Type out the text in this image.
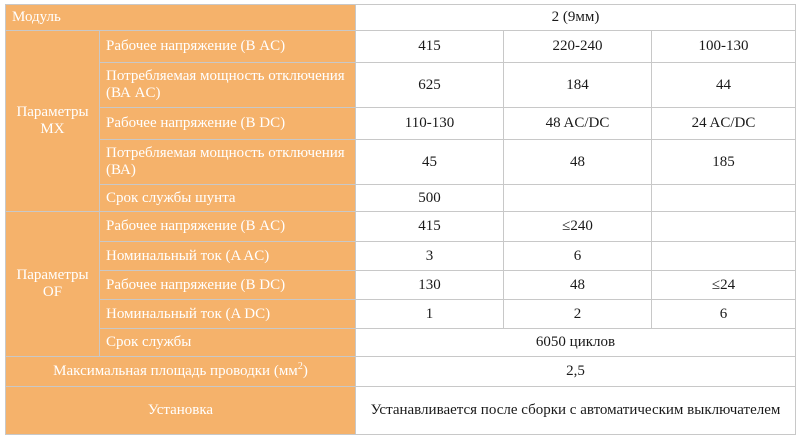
Модуль		2 (9мм)		
Параметры MX	Рабочее напряжение (В AC)	415	220-240	100-130
	Потребляемая мощность отключения (ВА AC)	625	184	44
	Рабочее напряжение (В DC)	110-130	48 AC/DC	24 AC/DC
	Потребляемая мощность отключения (ВА)	45	48	185
	Срок службы шунта	500		
Параметры OF	Рабочее напряжение (В AC)	415	≤240	
	Номинальный ток (A AC)	3	6	
	Рабочее напряжение (В DC)	130	48	≤24
	Номинальный ток (A DC)	1	2	6
	Срок службы	6050 циклов		
Максимальная площадь проводки $(мм^2)$		2,5		
Установка		Устанавливается после сборки с автоматическим выключателем		
